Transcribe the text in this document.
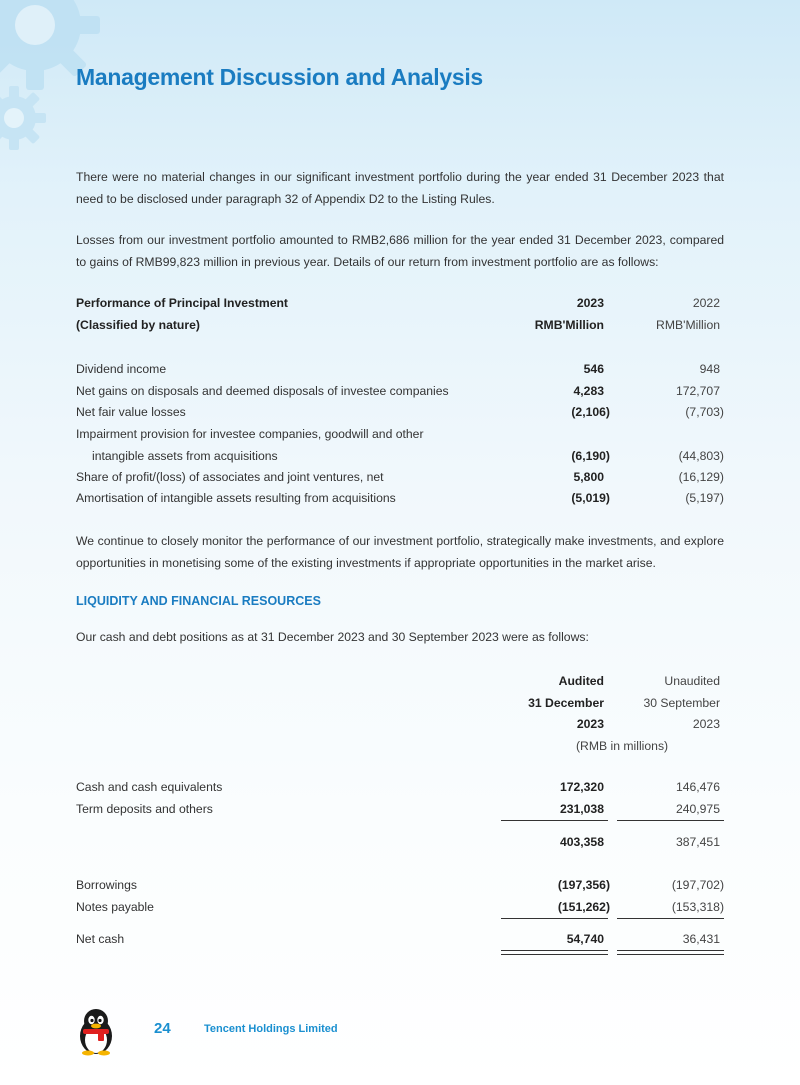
Management Discussion and Analysis
There were no material changes in our significant investment portfolio during the year ended 31 December 2023 that need to be disclosed under paragraph 32 of Appendix D2 to the Listing Rules.
Losses from our investment portfolio amounted to RMB2,686 million for the year ended 31 December 2023, compared to gains of RMB99,823 million in previous year. Details of our return from investment portfolio are as follows:
Performance of Principal Investment	2023	2022
(Classified by nature)	RMB'Million	RMB'Million
Dividend income	546	948
Net gains on disposals and deemed disposals of investee companies	4,283	172,707
Net fair value losses	(2,106)	(7,703)
Impairment provision for investee companies, goodwill and other
intangible assets from acquisitions	(6,190)	(44,803)
Share of profit/(loss) of associates and joint ventures, net	5,800	(16,129)
Amortisation of intangible assets resulting from acquisitions	(5,019)	(5,197)
We continue to closely monitor the performance of our investment portfolio, strategically make investments, and explore opportunities in monetising some of the existing investments if appropriate opportunities in the market arise.
LIQUIDITY AND FINANCIAL RESOURCES
Our cash and debt positions as at 31 December 2023 and 30 September 2023 were as follows:
Audited	Unaudited
31 December	30 September
2023	2023
(RMB in millions)
Cash and cash equivalents	172,320	146,476
Term deposits and others	231,038	240,975
403,358	387,451
Borrowings	(197,356)	(197,702)
Notes payable	(151,262)	(153,318)
Net cash	54,740	36,431
24	Tencent Holdings Limited
